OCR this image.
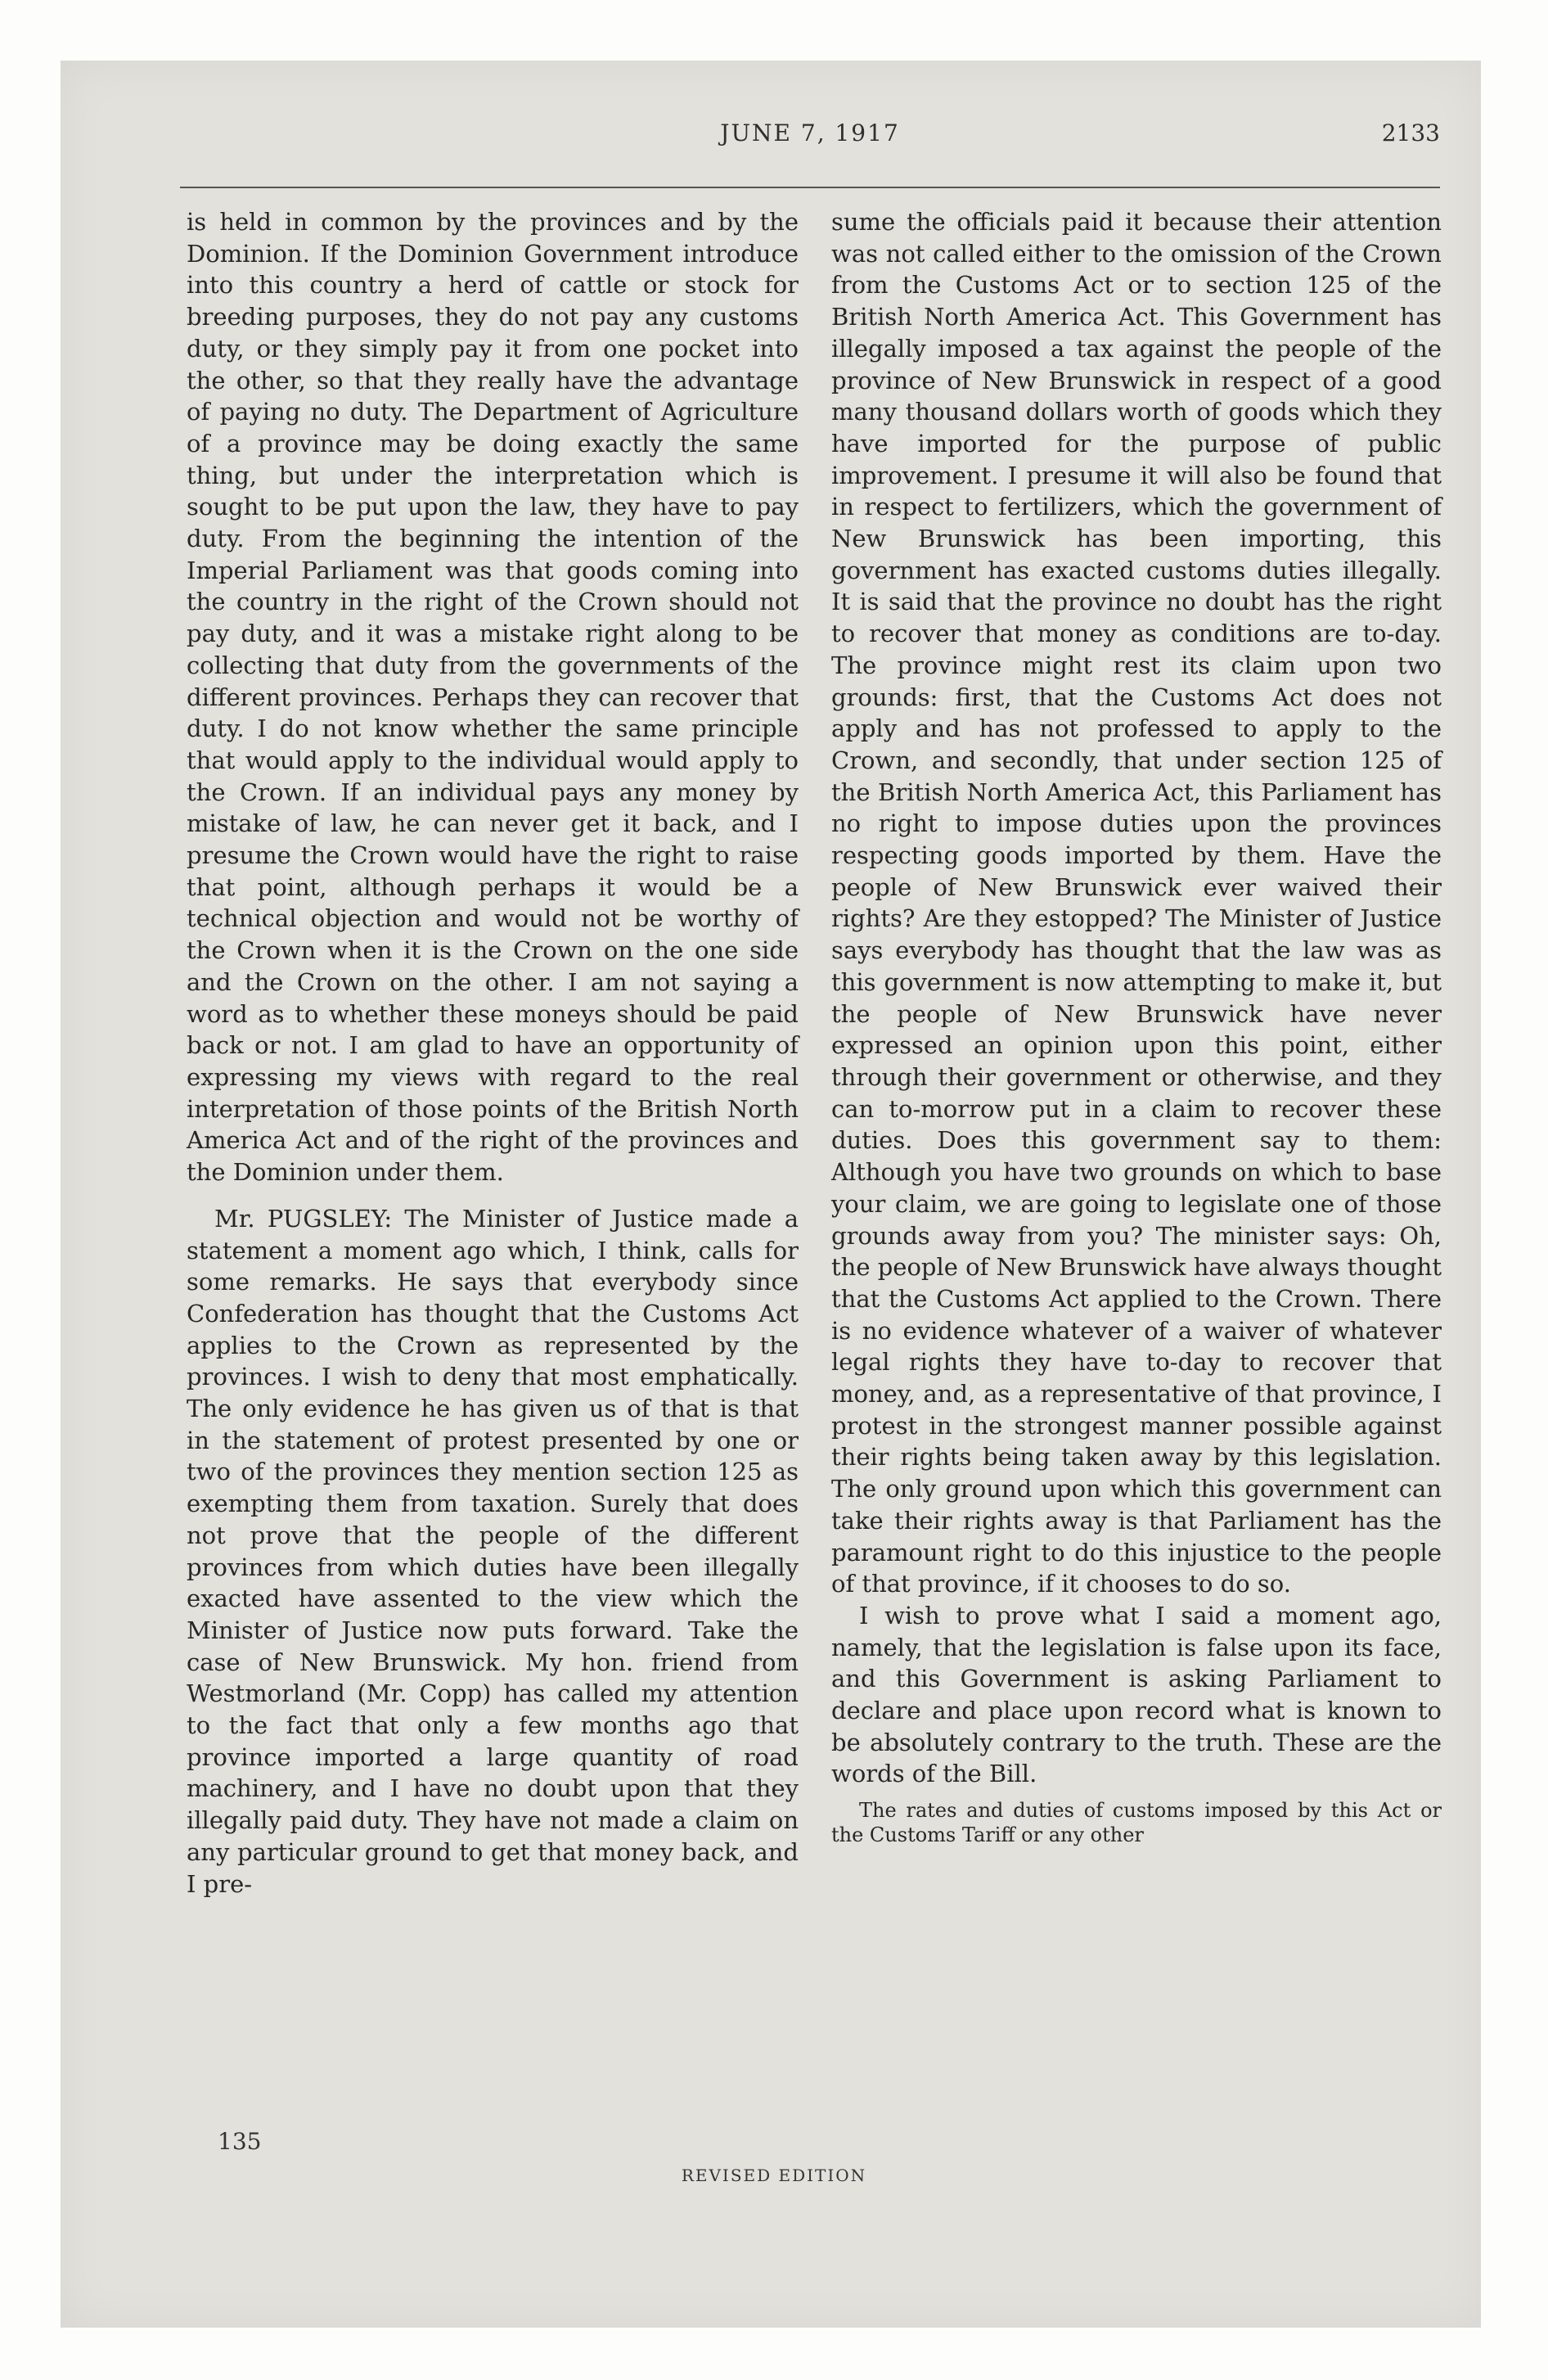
JUNE 7, 1917	2133

is held in common by the provinces and by the Dominion. If the Dominion Government introduce into this country a herd of cattle or stock for breeding purposes, they do not pay any customs duty, or they simply pay it from one pocket into the other, so that they really have the advantage of paying no duty. The Department of Agriculture of a province may be doing exactly the same thing, but under the interpretation which is sought to be put upon the law, they have to pay duty. From the beginning the intention of the Imperial Parliament was that goods coming into the country in the right of the Crown should not pay duty, and it was a mistake right along to be collecting that duty from the governments of the different provinces. Perhaps they can recover that duty. I do not know whether the same principle that would apply to the individual would apply to the Crown. If an individual pays any money by mistake of law, he can never get it back, and I presume the Crown would have the right to raise that point, although perhaps it would be a technical objection and would not be worthy of the Crown when it is the Crown on the one side and the Crown on the other. I am not saying a word as to whether these moneys should be paid back or not. I am glad to have an opportunity of expressing my views with regard to the real interpretation of those points of the British North America Act and of the right of the provinces and the Dominion under them.

Mr. PUGSLEY: The Minister of Justice made a statement a moment ago which, I think, calls for some remarks. He says that everybody since Confederation has thought that the Customs Act applies to the Crown as represented by the provinces. I wish to deny that most emphatically. The only evidence he has given us of that is that in the statement of protest presented by one or two of the provinces they mention section 125 as exempting them from taxation. Surely that does not prove that the people of the different provinces from which duties have been illegally exacted have assented to the view which the Minister of Justice now puts forward. Take the case of New Brunswick. My hon. friend from Westmorland (Mr. Copp) has called my attention to the fact that only a few months ago that province imported a large quantity of road machinery, and I have no doubt upon that they illegally paid duty. They have not made a claim on any particular ground to get that money back, and I pre-

sume the officials paid it because their attention was not called either to the omission of the Crown from the Customs Act or to section 125 of the British North America Act. This Government has illegally imposed a tax against the people of the province of New Brunswick in respect of a good many thousand dollars worth of goods which they have imported for the purpose of public improvement. I presume it will also be found that in respect to fertilizers, which the government of New Brunswick has been importing, this government has exacted customs duties illegally. It is said that the province no doubt has the right to recover that money as conditions are to-day. The province might rest its claim upon two grounds: first, that the Customs Act does not apply and has not professed to apply to the Crown, and secondly, that under section 125 of the British North America Act, this Parliament has no right to impose duties upon the provinces respecting goods imported by them. Have the people of New Brunswick ever waived their rights? Are they estopped? The Minister of Justice says everybody has thought that the law was as this government is now attempting to make it, but the people of New Brunswick have never expressed an opinion upon this point, either through their government or otherwise, and they can to-morrow put in a claim to recover these duties. Does this government say to them: Although you have two grounds on which to base your claim, we are going to legislate one of those grounds away from you? The minister says: Oh, the people of New Brunswick have always thought that the Customs Act applied to the Crown. There is no evidence whatever of a waiver of whatever legal rights they have to-day to recover that money, and, as a representative of that province, I protest in the strongest manner possible against their rights being taken away by this legislation. The only ground upon which this government can take their rights away is that Parliament has the paramount right to do this injustice to the people of that province, if it chooses to do so.

I wish to prove what I said a moment ago, namely, that the legislation is false upon its face, and this Government is asking Parliament to declare and place upon record what is known to be absolutely contrary to the truth. These are the words of the Bill.

The rates and duties of customs imposed by this Act or the Customs Tariff or any other
135
REVISED EDITION
